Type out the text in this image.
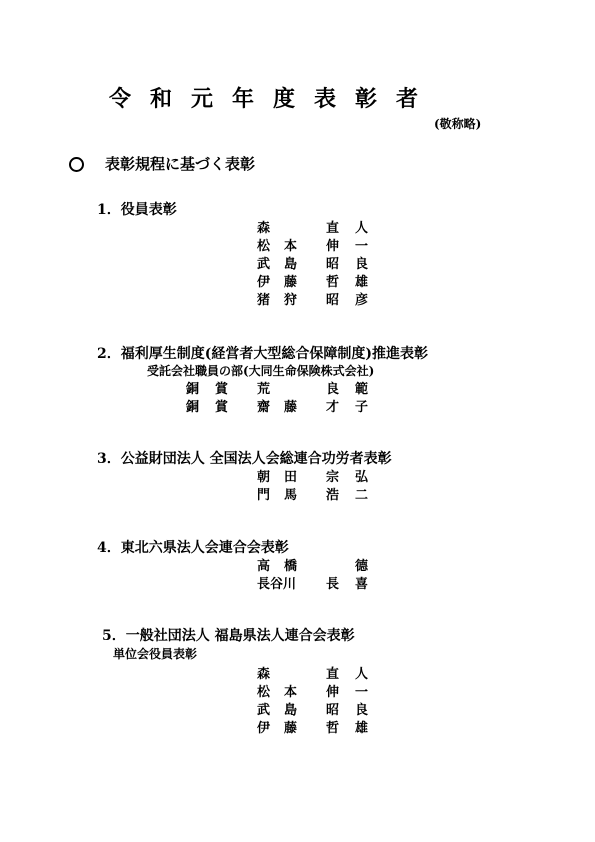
令和元年度表彰者
(敬称略)
表彰規程に基づく表彰
1．役員表彰
森	直 人
松 本 伸 一
武 島 昭 良
伊 藤 哲 雄
猪 狩 昭 彦
2．福利厚生制度(経営者大型総合保障制度)推進表彰
受託会社職員の部(大同生命保険株式会社)
銅 賞 荒	良 範
銅 賞 齋 藤 才 子
3．公益財団法人 全国法人会総連合功労者表彰
朝 田 宗 弘
門 馬 浩 二
4．東北六県法人会連合会表彰
高 橋	德
長谷川 長 喜
5．一般社団法人 福島県法人連合会表彰
単位会役員表彰
森	直 人
松 本 伸 一
武 島 昭 良
伊 藤 哲 雄
